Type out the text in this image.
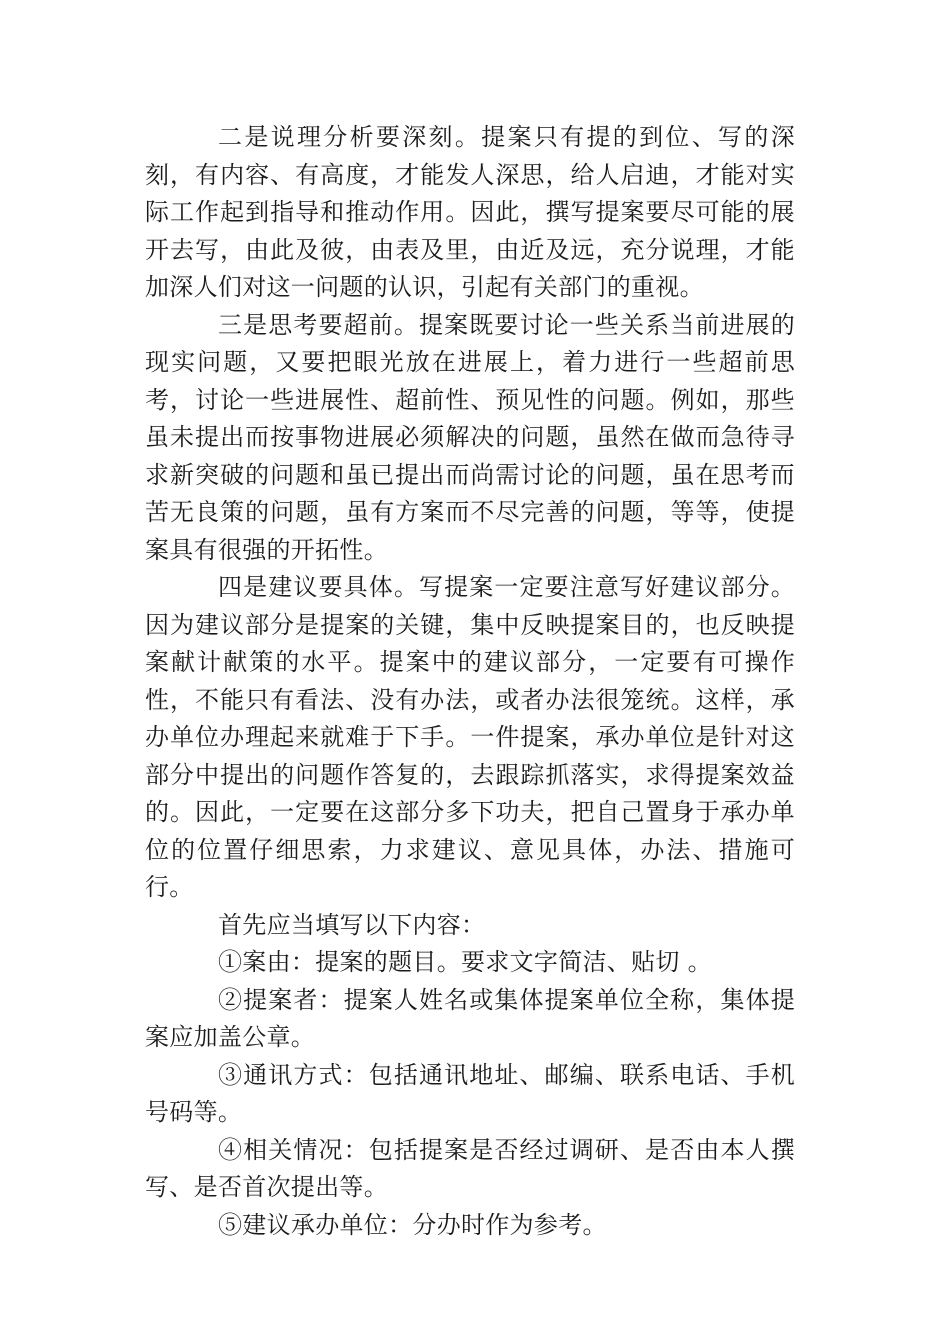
二是说理分析要深刻。提案只有提的到位、写的深刻，有内容、有高度，才能发人深思，给人启迪，才能对实际工作起到指导和推动作用。因此，撰写提案要尽可能的展开去写，由此及彼，由表及里，由近及远，充分说理，才能加深人们对这一问题的认识，引起有关部门的重视。

三是思考要超前。提案既要讨论一些关系当前进展的现实问题，又要把眼光放在进展上，着力进行一些超前思考，讨论一些进展性、超前性、预见性的问题。例如，那些虽未提出而按事物进展必须解决的问题，虽然在做而急待寻求新突破的问题和虽已提出而尚需讨论的问题，虽在思考而苦无良策的问题，虽有方案而不尽完善的问题，等等，使提案具有很强的开拓性。

四是建议要具体。写提案一定要注意写好建议部分。因为建议部分是提案的关键，集中反映提案目的，也反映提案献计献策的水平。提案中的建议部分，一定要有可操作性，不能只有看法、没有办法，或者办法很笼统。这样，承办单位办理起来就难于下手。一件提案，承办单位是针对这部分中提出的问题作答复的，去跟踪抓落实，求得提案效益的。因此，一定要在这部分多下功夫，把自己置身于承办单位的位置仔细思索，力求建议、意见具体，办法、措施可行。

首先应当填写以下内容：

①案由：提案的题目。要求文字简洁、贴切 。

②提案者：提案人姓名或集体提案单位全称，集体提案应加盖公章。

③通讯方式：包括通讯地址、邮编、联系电话、手机号码等。

④相关情况：包括提案是否经过调研、是否由本人撰写、是否首次提出等。

⑤建议承办单位：分办时作为参考。
